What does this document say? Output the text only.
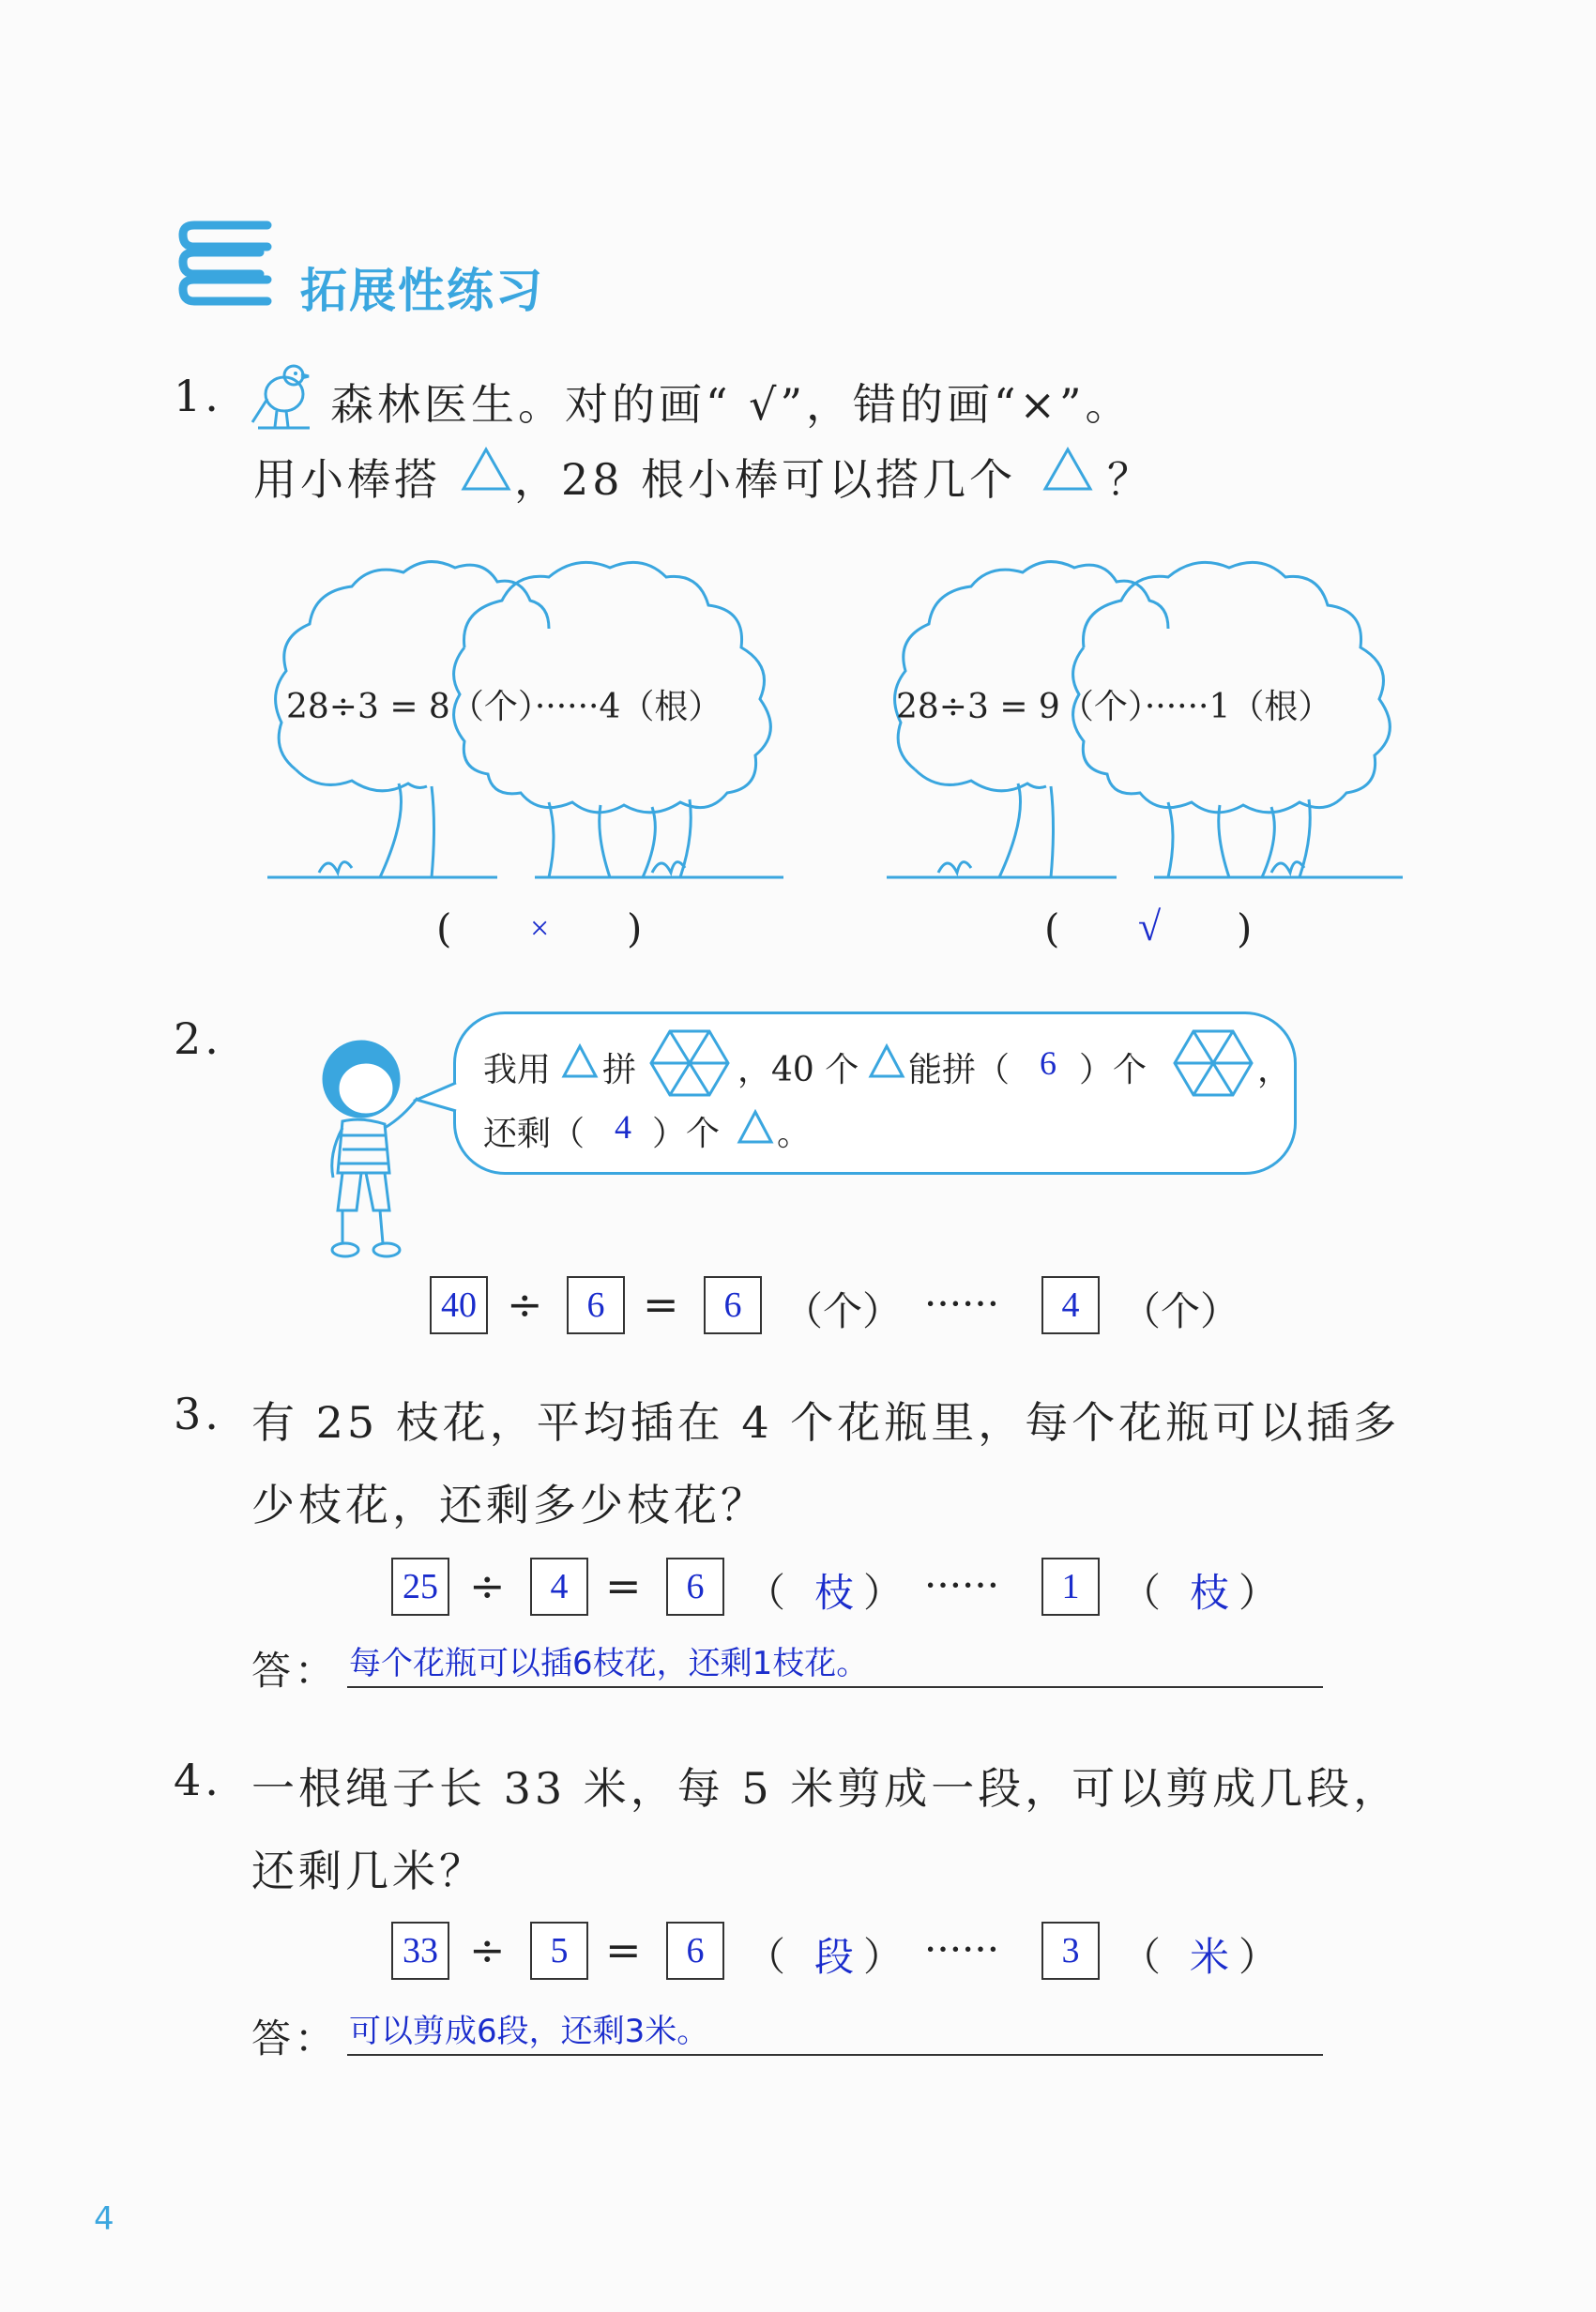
拓展性练习
1.	森林医生。对的画“ √”，错的画“×”。
用小棒搭 ，28 根小棒可以搭几个 ？
28÷3 = 8（个）······4（根）	28÷3 = 9（个）······1（根）
( × )	( √ )
2.
我用 拼	，40 个 能拼（ 6 ）个	，
还剩（ 4 ）个 。
40 ÷	6 =	6	（个） ······	4	（个）
3. 有 25 枝花，平均插在 4 个花瓶里，每个花瓶可以插多
少枝花，还剩多少枝花？
25 ÷	4 =	6	（ 枝 ） ······	1	（ 枝 ）
答： 每个花瓶可以插6枝花，还剩1枝花。
4. 一根绳子长 33 米，每 5 米剪成一段，可以剪成几段，
还剩几米？
33 ÷	5 =	6	（ 段 ） ······	3	（ 米 ）
答： 可以剪成6段，还剩3米。
4
